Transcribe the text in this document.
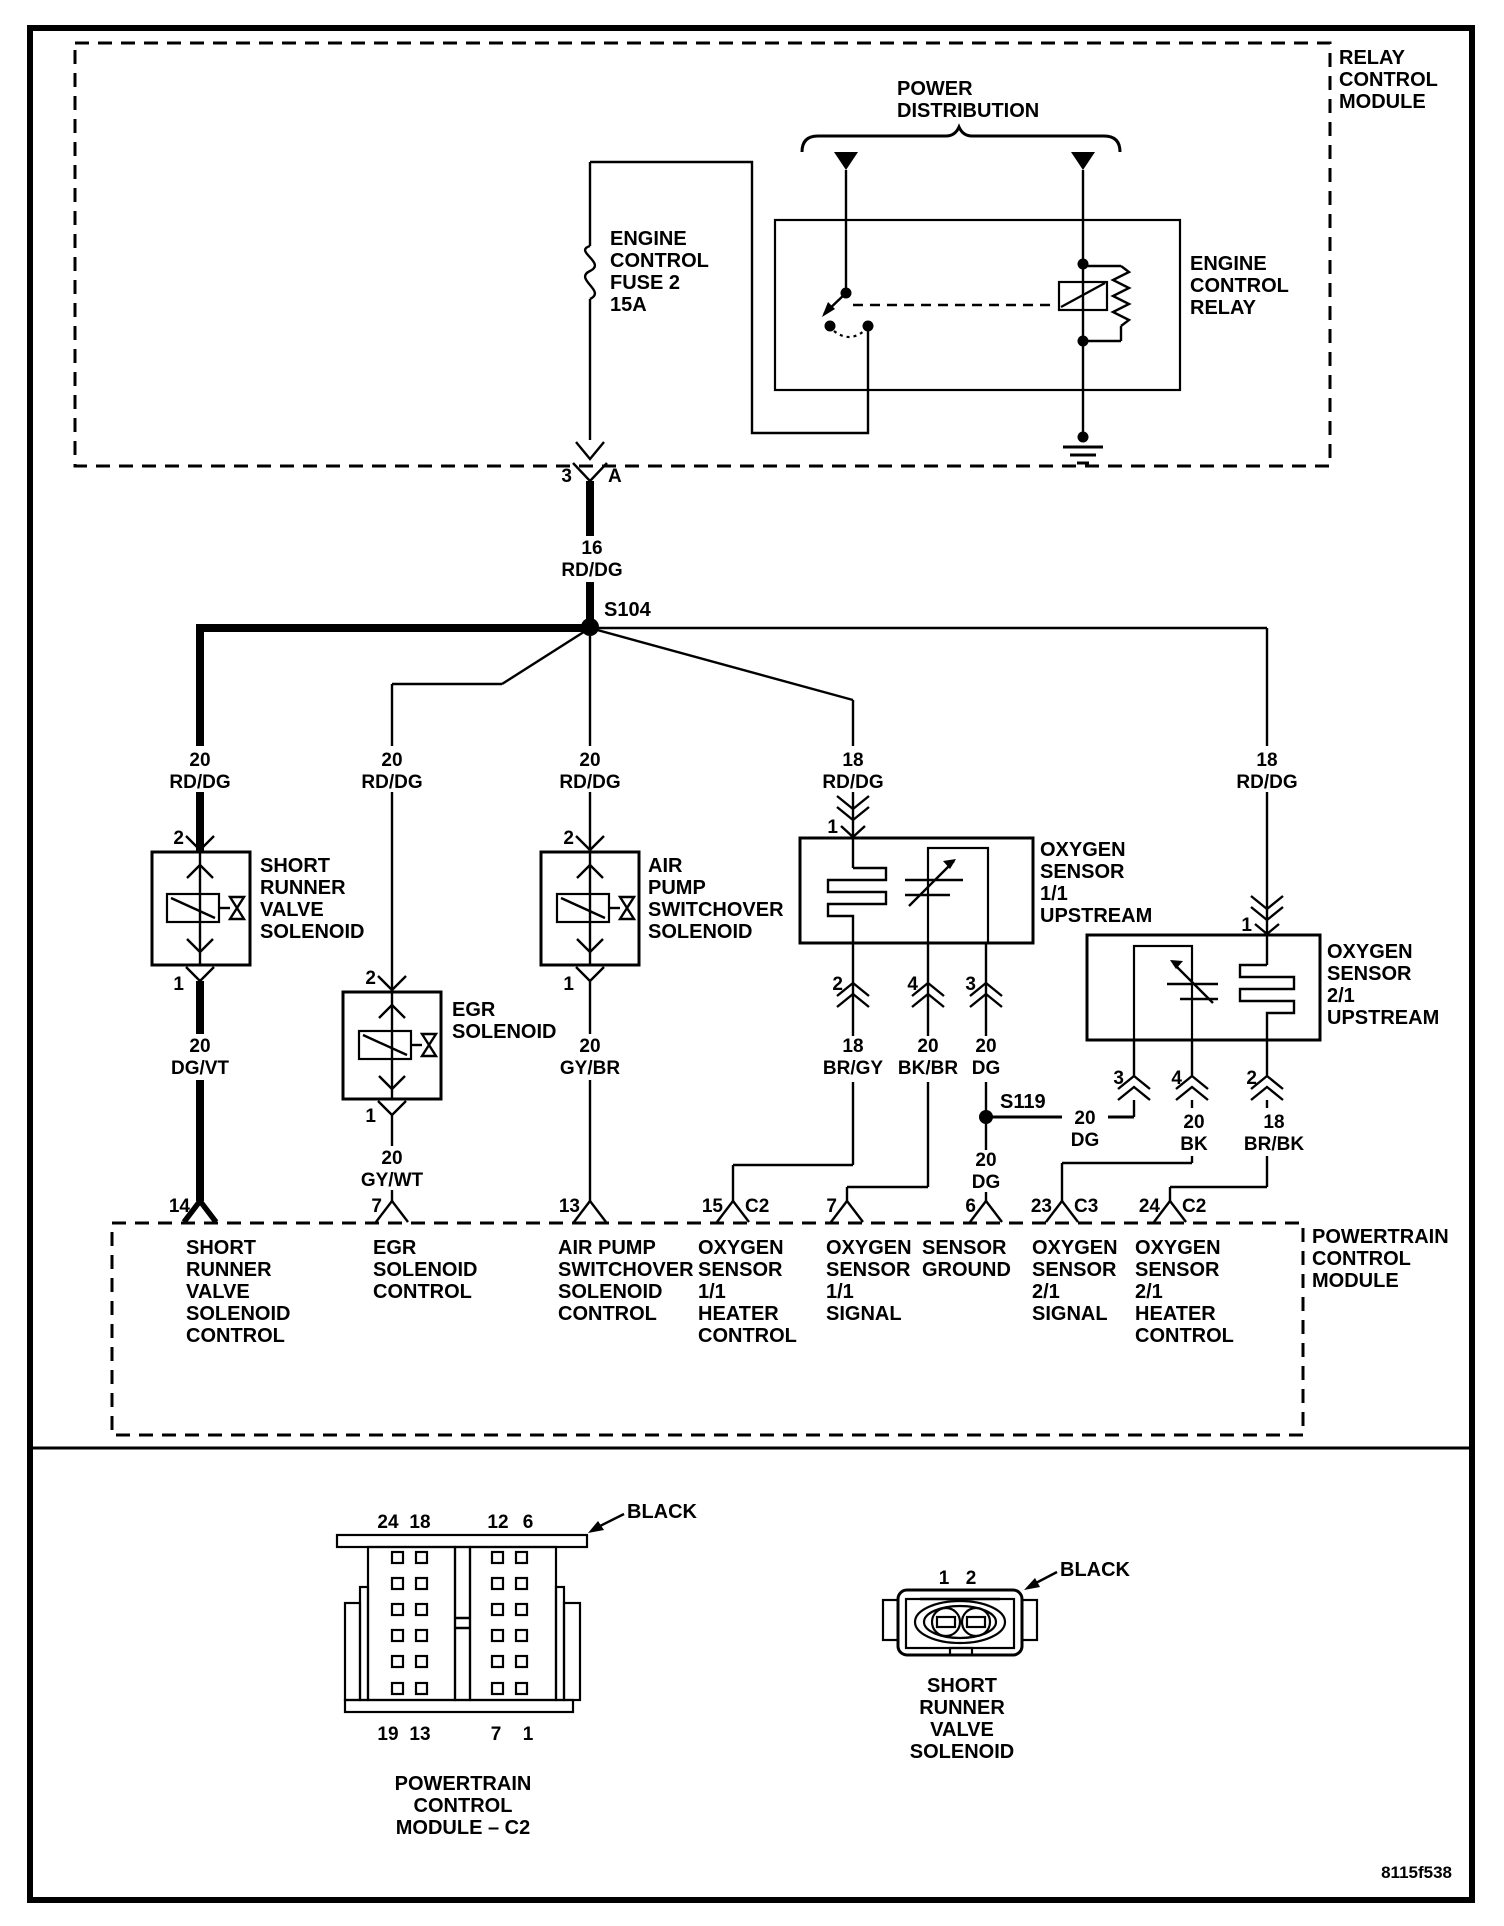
RELAY
CONTROL
MODULE
POWER
DISTRIBUTION
ENGINE
CONTROL
RELAY
ENGINE
CONTROL
FUSE 2
15A
3 A
16
RD/DG
S104
20
RD/DG
20
RD/DG
20
RD/DG
18
RD/DG
18
RD/DG
2
SHORT
RUNNER
VALVE
SOLENOID
1
20
DG/VT
2
EGR
SOLENOID
1
20
GY/WT
2
AIR
PUMP
SWITCHOVER
SOLENOID
1
20
GY/BR
1
OXYGEN
SENSOR
1/1
UPSTREAM
2
18
BR/GY
4
20
BK/BR
3
20
DG
S119
20
DG
1
OXYGEN
SENSOR
2/1
UPSTREAM
3
20
DG
4
20
BK
2
18
BR/BK
POWERTRAIN
CONTROL
MODULE
14	7	13	15 C2	7	6	23 C3 24 C2
SHORT
RUNNER
VALVE
SOLENOID
CONTROL
EGR
SOLENOID
CONTROL
AIR PUMP
SWITCHOVER
SOLENOID
CONTROL
OXYGEN
SENSOR
1/1
HEATER
CONTROL
OXYGEN
SENSOR
1/1
SIGNAL
SENSOR
GROUND
OXYGEN
SENSOR
2/1
SIGNAL
OXYGEN
SENSOR
2/1
HEATER
CONTROL
24 18	12 6	BLACK
19 13	7 1
POWERTRAIN
CONTROL
MODULE – C2
1 2	BLACK
SHORT
RUNNER
VALVE
SOLENOID
8115f538
